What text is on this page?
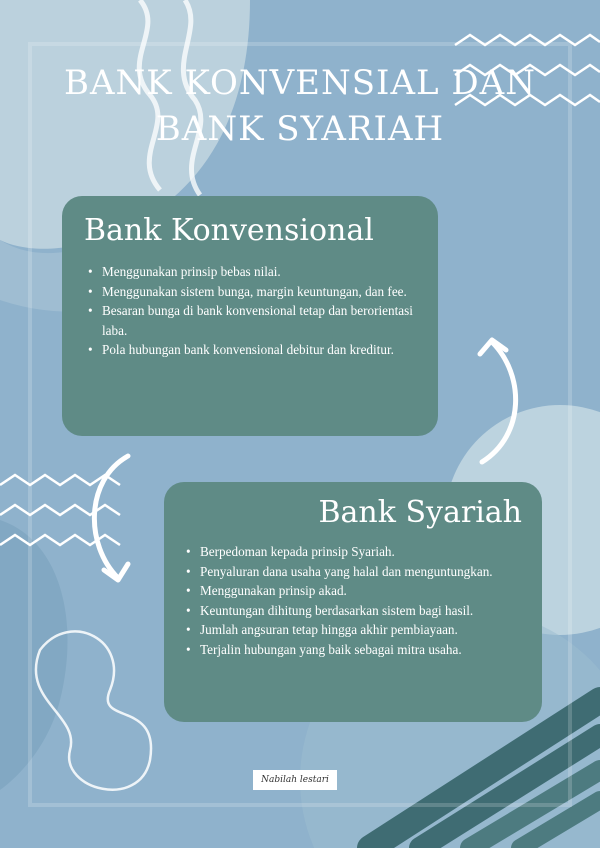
BANK KONVENSIAL DAN
BANK SYARIAH
Bank Konvensional
• Menggunakan prinsip bebas nilai.
• Menggunakan sistem bunga, margin keuntungan, dan fee.
• Besaran bunga di bank konvensional tetap dan berorientasi laba.
• Pola hubungan bank konvensional debitur dan kreditur.
Bank Syariah
• Berpedoman kepada prinsip Syariah.
• Penyaluran dana usaha yang halal dan menguntungkan.
• Menggunakan prinsip akad.
• Keuntungan dihitung berdasarkan sistem bagi hasil.
• Jumlah angsuran tetap hingga akhir pembiayaan.
• Terjalin hubungan yang baik sebagai mitra usaha.
Nabilah lestari
